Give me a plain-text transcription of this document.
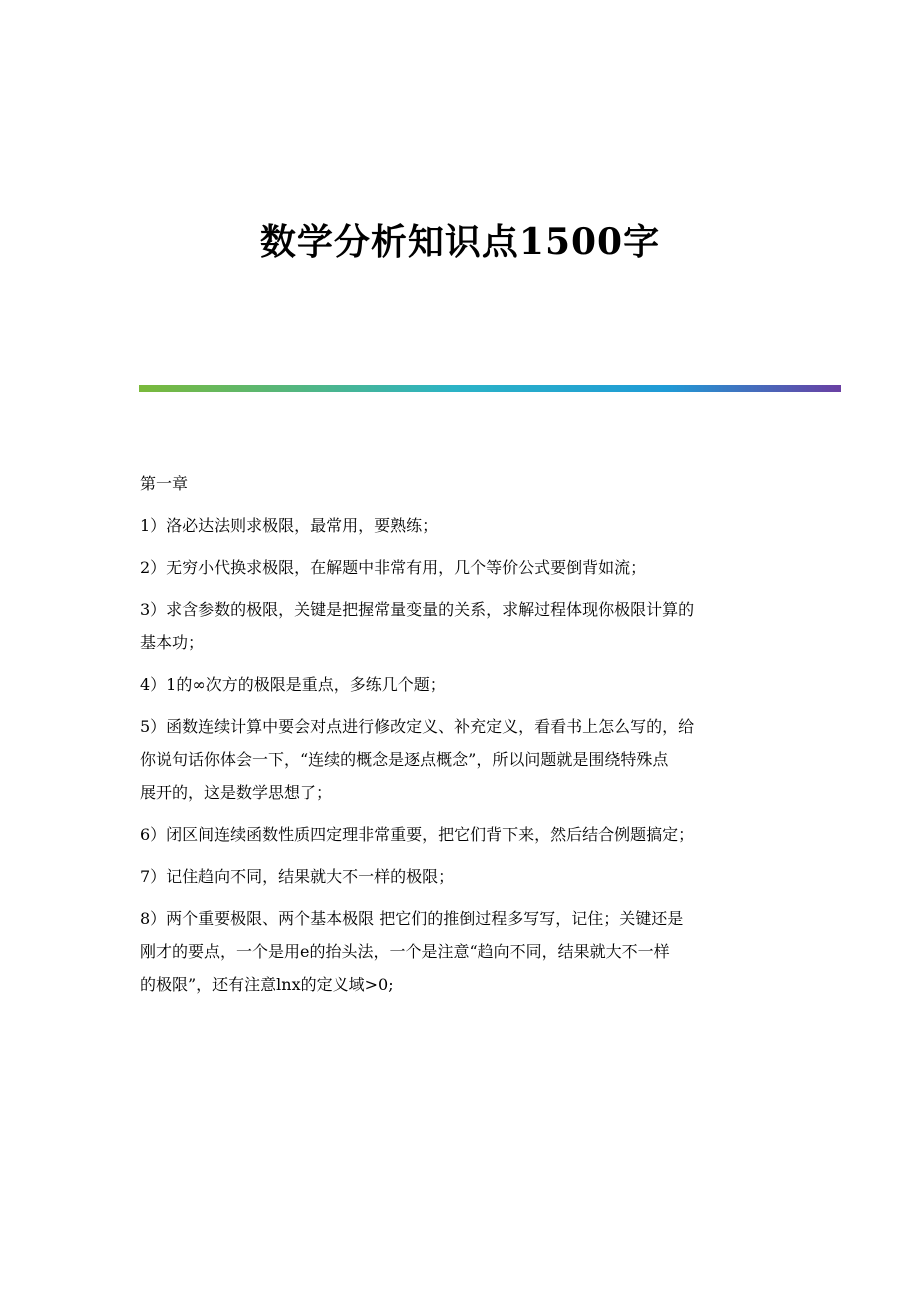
数学分析知识点1500字

第一章

1）洛必达法则求极限，最常用，要熟练；

2）无穷小代换求极限，在解题中非常有用，几个等价公式要倒背如流；

3）求含参数的极限，关键是把握常量变量的关系，求解过程体现你极限计算的
基本功；

4）1的∞次方的极限是重点，多练几个题；

5）函数连续计算中要会对点进行修改定义、补充定义，看看书上怎么写的，给
你说句话你体会一下，“连续的概念是逐点概念”，所以问题就是围绕特殊点
展开的，这是数学思想了；

6）闭区间连续函数性质四定理非常重要，把它们背下来，然后结合例题搞定；

7）记住趋向不同，结果就大不一样的极限；

8）两个重要极限、两个基本极限 把它们的推倒过程多写写，记住；关键还是
刚才的要点，一个是用e的抬头法，一个是注意“趋向不同，结果就大不一样
的极限”，还有注意lnx的定义域>0;
